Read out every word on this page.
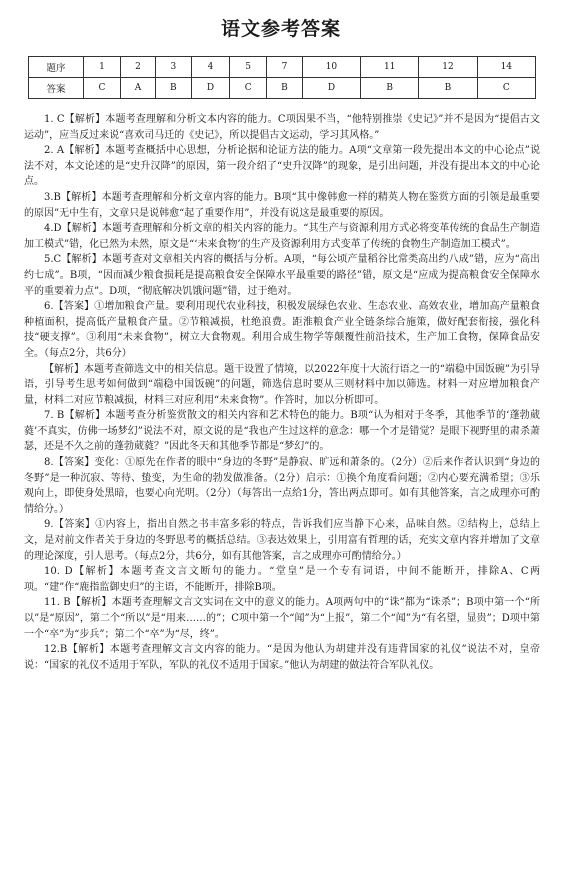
语文参考答案
题序	1	2	3	4	5	7	10	11	12	14
答案	C	A	B	D	C	B	D	B	B	C

1. C【解析】本题考查理解和分析文本内容的能力。C项因果不当，“他特别推崇《史记》”并不是因为“提倡古文运动”，应当反过来说“喜欢司马迁的《史记》，所以提倡古文运动，学习其风格。”

2. A【解析】本题考查概括中心思想，分析论据和论证方法的能力。A项“文章第一段先提出本文的中心论点”说法不对，本文论述的是“史升汉降”的原因，第一段介绍了“史升汉降”的现象，是引出问题，并没有提出本文的中心论点。

3.B【解析】本题考查理解和分析文章内容的能力。B项“其中像韩愈一样的精英人物在鉴赏方面的引领是最重要的原因”无中生有，文章只是说韩愈“起了重要作用”，并没有说这是最重要的原因。

4.D【解析】本题考查理解和分析文章的相关内容的能力。“其生产与资源利用方式必将变革传统的食品生产制造加工模式”错，化已然为未然，原文是“‘未来食物’的生产及资源利用方式变革了传统的食物生产制造加工模式”。

5.C【解析】本题考查对文章相关内容的概括与分析。A项，“每公顷产量稻谷比常类高出约八成”错，应为“高出约七成”。B项，“因而减少粮食损耗是提高粮食安全保障水平最重要的路径”错，原文是“应成为提高粮食安全保障水平的重要着力点”。D项，“彻底解决饥饿问题”错，过于绝对。

6.【答案】①增加粮食产量。要利用现代农业科技，积极发展绿色农业、生态农业、高效农业，增加高产量粮食种植面积，提高低产量粮食产量。②节粮减损，杜绝浪费。距淮粮食产业全链条综合施策，做好配套衔接，强化科技“硬支撑”。③利用“未来食物”，树立大食物观。利用合成生物学等颠覆性前沿技术，生产加工食物，保障食品安全。（每点2分，共6分）

【解析】本题考查筛选文中的相关信息。题干设置了情境，以2022年度十大流行语之一的“端稳中国饭碗”为引导语，引导考生思考如何做到“端稳中国饭碗”的问题，筛选信息时要从三则材料中加以筛选。材料一对应增加粮食产量，材料二对应节粮减损，材料三对应利用“未来食物”。作答时，加以分析即可。

7. B【解析】本题考查分析鉴赏散文的相关内容和艺术特色的能力。B项“认为相对于冬季，其他季节的‘蓬勃葳蕤’不真实，仿佛一场梦幻”说法不对，原文说的是“我也产生过这样的意念：哪一个才是错觉？是眼下视野里的肃杀萧瑟，还是不久之前的蓬勃葳蕤？”因此冬天和其他季节都是“梦幻”的。

8.【答案】变化：①原先在作者的眼中“身边的冬野”是静寂、旷远和萧条的。（2分）②后来作者认识到“身边的冬野”是一种沉寂、等待、蛰变，为生命的勃发做准备。（2分）启示：①换个角度看问题；②内心要充满希望；③乐观向上，即使身处黑暗，也要心向光明。（2分）（每答出一点给1分，答出两点即可。如有其他答案，言之成理亦可酌情给分。）

9.【答案】①内容上，指出自然之书丰富多彩的特点，告诉我们应当静下心来，品味自然。②结构上，总结上文，是对前文作者关于身边的冬野思考的概括总结。③表达效果上，引用富有哲理的话，充实文章内容并增加了文章的理论深度，引人思考。（每点2分，共6分，如有其他答案，言之成理亦可酌情给分。）

10. D【解析】本题考查文言文断句的能力。“堂皇”是一个专有词语，中间不能断开，排除A、C两项。“建”作“鹿指监御史归”的主语，不能断开，排除B项。

11. B【解析】本题考查理解文言文实词在文中的意义的能力。A项两句中的“诛”都为“诛杀”；B项中第一个“所以”是“原因”，第二个“所以”是“用来……的”；C项中第一个“闻”为“上报”，第二个“闻”为“有名望，显贵”；D项中第一个“卒”为“步兵”；第二个“卒”为“尽，终”。

12.B【解析】本题考查理解文言文内容的能力。“是因为他认为胡建并没有违背国家的礼仪”说法不对，皇帝说：“国家的礼仪不适用于军队，军队的礼仪不适用于国家。”他认为胡建的做法符合军队礼仪。
